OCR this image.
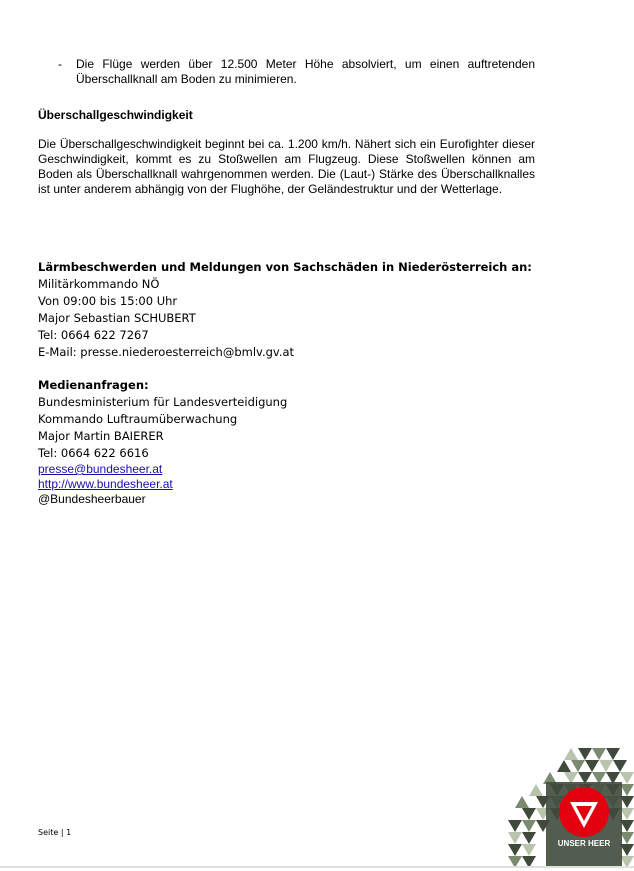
- Die Flüge werden über 12.500 Meter Höhe absolviert, um einen auftretenden Überschallknall am Boden zu minimieren.
Überschallgeschwindigkeit
Die Überschallgeschwindigkeit beginnt bei ca. 1.200 km/h. Nähert sich ein Eurofighter dieser Geschwindigkeit, kommt es zu Stoßwellen am Flugzeug. Diese Stoßwellen können am Boden als Überschallknall wahrgenommen werden. Die (Laut-) Stärke des Überschallknalles ist unter anderem abhängig von der Flughöhe, der Geländestruktur und der Wetterlage.
Lärmbeschwerden und Meldungen von Sachschäden in Niederösterreich an:
Militärkommando NÖ
Von 09:00 bis 15:00 Uhr
Major Sebastian SCHUBERT
Tel: 0664 622 7267
E-Mail: presse.niederoesterreich@bmlv.gv.at
Medienanfragen:
Bundesministerium für Landesverteidigung
Kommando Luftraumüberwachung
Major Martin BAIERER
Tel: 0664 622 6616
presse@bundesheer.at
http://www.bundesheer.at
@Bundesheerbauer
Seite | 1
UNSER HEER
